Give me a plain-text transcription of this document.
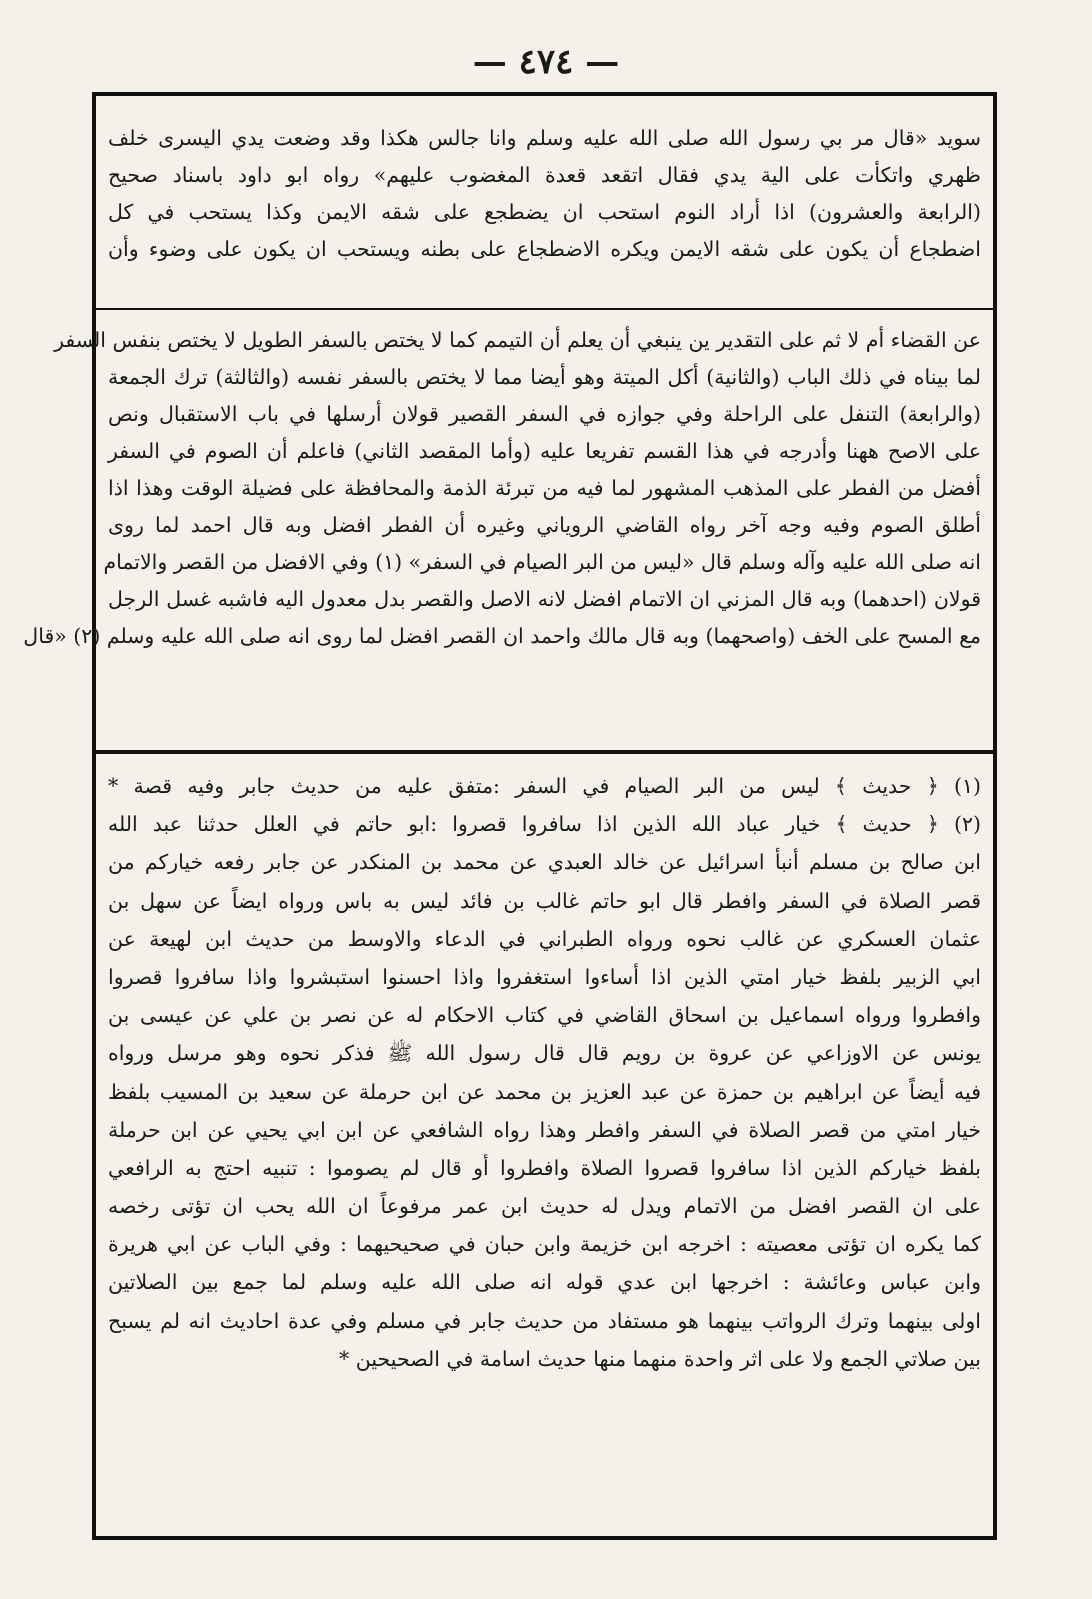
— ٤٧٤ —
سويد «قال مر بي رسول الله صلى الله عليه وسلم وانا جالس هكذا وقد وضعت يدي اليسرى خلف
ظهري واتكأت على الية يدي فقال اتقعد قعدة المغضوب عليهم» رواه ابو داود باسناد صحيح
(الرابعة والعشرون) اذا أراد النوم استحب ان يضطجع على شقه الايمن وكذا يستحب في كل
اضطجاع أن يكون على شقه الايمن ويكره الاضطجاع على بطنه ويستحب ان يكون على وضوء وأن
عن القضاء أم لا ثم على التقدير ين ينبغي أن يعلم أن التيمم كما لا يختص بالسفر الطويل لا يختص بنفس السفر
لما بيناه في ذلك الباب (والثانية) أكل الميتة وهو أيضا مما لا يختص بالسفر نفسه (والثالثة) ترك الجمعة
(والرابعة) التنفل على الراحلة وفي جوازه في السفر القصير قولان أرسلها في باب الاستقبال ونص
على الاصح ههنا وأدرجه في هذا القسم تفريعا عليه (وأما المقصد الثاني) فاعلم أن الصوم في السفر
أفضل من الفطر على المذهب المشهور لما فيه من تبرئة الذمة والمحافظة على فضيلة الوقت وهذا اذا
أطلق الصوم وفيه وجه آخر رواه القاضي الروياني وغيره أن الفطر افضل وبه قال احمد لما روى
انه صلى الله عليه وآله وسلم قال «ليس من البر الصيام في السفر» (١) وفي الافضل من القصر والاتمام
قولان (احدهما) وبه قال المزني ان الاتمام افضل لانه الاصل والقصر بدل معدول اليه فاشبه غسل الرجل
مع المسح على الخف (واصحهما) وبه قال مالك واحمد ان القصر افضل لما روى انه صلى الله عليه وسلم (٢) «قال
(١) ﴿ حديث ﴾ ليس من البر الصيام في السفر :متفق عليه من حديث جابر وفيه قصة *
(٢) ﴿ حديث ﴾ خيار عباد الله الذين اذا سافروا قصروا :ابو حاتم في العلل حدثنا عبد الله
ابن صالح بن مسلم أنبأ اسرائيل عن خالد العبدي عن محمد بن المنكدر عن جابر رفعه خياركم من
قصر الصلاة في السفر وافطر قال ابو حاتم غالب بن فائد ليس به باس ورواه ايضاً عن سهل بن
عثمان العسكري عن غالب نحوه ورواه الطبراني في الدعاء والاوسط من حديث ابن لهيعة عن
ابي الزبير بلفظ خيار امتي الذين اذا أساءوا استغفروا واذا احسنوا استبشروا واذا سافروا قصروا
وافطروا ورواه اسماعيل بن اسحاق القاضي في كتاب الاحكام له عن نصر بن علي عن عيسى بن
يونس عن الاوزاعي عن عروة بن رويم قال قال رسول الله ﷺ فذكر نحوه وهو مرسل ورواه
فيه أيضاً عن ابراهيم بن حمزة عن عبد العزيز بن محمد عن ابن حرملة عن سعيد بن المسيب بلفظ
خيار امتي من قصر الصلاة في السفر وافطر وهذا رواه الشافعي عن ابن ابي يحيي عن ابن حرملة
بلفظ خياركم الذين اذا سافروا قصروا الصلاة وافطروا أو قال لم يصوموا : تنبيه احتج به الرافعي
على ان القصر افضل من الاتمام ويدل له حديث ابن عمر مرفوعاً ان الله يحب ان تؤتى رخصه
كما يكره ان تؤتى معصيته : اخرجه ابن خزيمة وابن حبان في صحيحيهما : وفي الباب عن ابي هريرة
وابن عباس وعائشة : اخرجها ابن عدي قوله انه صلى الله عليه وسلم لما جمع بين الصلاتين
اولى بينهما وترك الرواتب بينهما هو مستفاد من حديث جابر في مسلم وفي عدة احاديث انه لم يسبح
بين صلاتي الجمع ولا على اثر واحدة منهما منها حديث اسامة في الصحيحين *
